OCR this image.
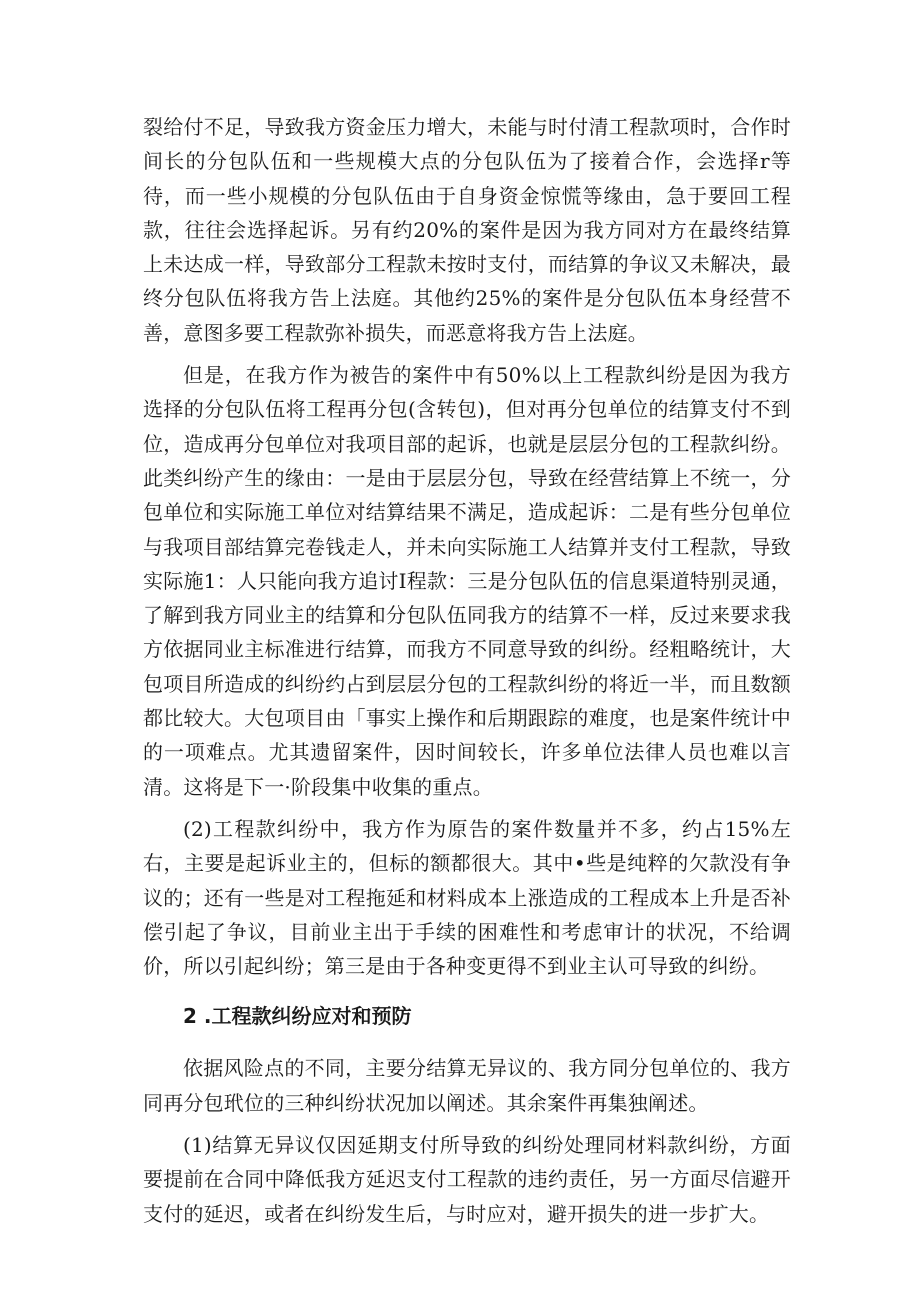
裂给付不足，导致我方资金压力增大，未能与时付清工程款项时，合作时间长的分包队伍和一些规模大点的分包队伍为了接着合作，会选择r等待，而一些小规模的分包队伍由于自身资金惊慌等缘由，急于要回工程款，往往会选择起诉。另有约20%的案件是因为我方同对方在最终结算上未达成一样，导致部分工程款未按时支付，而结算的争议又未解决，最终分包队伍将我方告上法庭。其他约25%的案件是分包队伍本身经营不善，意图多要工程款弥补损失，而恶意将我方告上法庭。

但是，在我方作为被告的案件中有50%以上工程款纠纷是因为我方选择的分包队伍将工程再分包(含转包)，但对再分包单位的结算支付不到位，造成再分包单位对我项目部的起诉，也就是层层分包的工程款纠纷。此类纠纷产生的缘由：一是由于层层分包，导致在经营结算上不统一，分包单位和实际施工单位对结算结果不满足，造成起诉：二是有些分包单位与我项目部结算完卷钱走人，并未向实际施工人结算并支付工程款，导致实际施1：人只能向我方追讨I程款：三是分包队伍的信息渠道特别灵通，了解到我方同业主的结算和分包队伍同我方的结算不一样，反过来要求我方依据同业主标准进行结算，而我方不同意导致的纠纷。经粗略统计，大包项目所造成的纠纷约占到层层分包的工程款纠纷的将近一半，而且数额都比较大。大包项目由「事实上操作和后期跟踪的难度，也是案件统计中的一项难点。尤其遗留案件，因时间较长，许多单位法律人员也难以言清。这将是下一·阶段集中收集的重点。

(2)工程款纠纷中，我方作为原告的案件数量并不多，约占15%左右，主要是起诉业主的，但标的额都很大。其中•些是纯粹的欠款没有争议的；还有一些是对工程拖延和材料成本上涨造成的工程成本上升是否补偿引起了争议，目前业主出于手续的困难性和考虑审计的状况，不给调价，所以引起纠纷；第三是由于各种变更得不到业主认可导致的纠纷。

2 .工程款纠纷应对和预防

依据风险点的不同，主要分结算无异议的、我方同分包单位的、我方同再分包玳位的三种纠纷状况加以阐述。其余案件再集独阐述。

(1)结算无异议仅因延期支付所导致的纠纷处理同材料款纠纷，方面要提前在合同中降低我方延迟支付工程款的违约责任，另一方面尽信避开支付的延迟，或者在纠纷发生后，与时应对，避开损失的进一步扩大。
